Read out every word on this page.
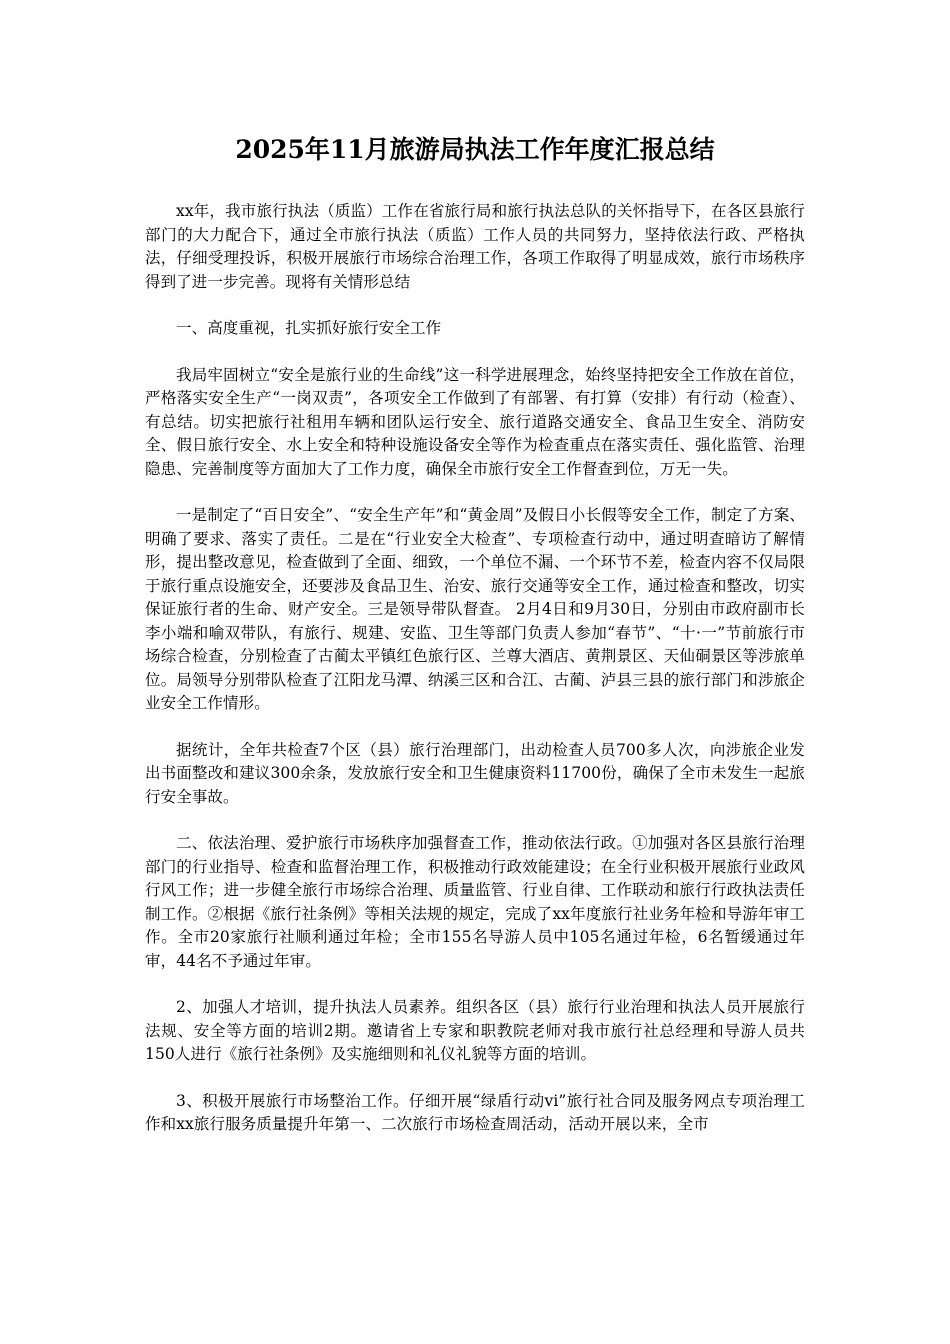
2025年11月旅游局执法工作年度汇报总结

xx年，我市旅行执法（质监）工作在省旅行局和旅行执法总队的关怀指导下，在各区县旅行部门的大力配合下，通过全市旅行执法（质监）工作人员的共同努力，坚持依法行政、严格执法，仔细受理投诉，积极开展旅行市场综合治理工作，各项工作取得了明显成效，旅行市场秩序得到了进一步完善。现将有关情形总结

一、高度重视，扎实抓好旅行安全工作

我局牢固树立“安全是旅行业的生命线”这一科学进展理念，始终坚持把安全工作放在首位，严格落实安全生产“一岗双责”，各项安全工作做到了有部署、有打算（安排）有行动（检查）、有总结。切实把旅行社租用车辆和团队运行安全、旅行道路交通安全、食品卫生安全、消防安全、假日旅行安全、水上安全和特种设施设备安全等作为检查重点在落实责任、强化监管、治理隐患、完善制度等方面加大了工作力度，确保全市旅行安全工作督查到位，万无一失。

一是制定了“百日安全”、“安全生产年”和“黄金周”及假日小长假等安全工作，制定了方案、明确了要求、落实了责任。二是在“行业安全大检查”、专项检查行动中，通过明查暗访了解情形，提出整改意见，检查做到了全面、细致，一个单位不漏、一个环节不差，检查内容不仅局限于旅行重点设施安全，还要涉及食品卫生、治安、旅行交通等安全工作，通过检查和整改，切实保证旅行者的生命、财产安全。三是领导带队督查。 2月4日和9月30日，分别由市政府副市长李小端和喻双带队，有旅行、规建、安监、卫生等部门负责人参加“春节”、“十·一”节前旅行市场综合检查，分别检查了古蔺太平镇红色旅行区、兰尊大酒店、黄荆景区、天仙硐景区等涉旅单位。局领导分别带队检查了江阳龙马潭、纳溪三区和合江、古蔺、泸县三县的旅行部门和涉旅企业安全工作情形。

据统计，全年共检查7个区（县）旅行治理部门，出动检查人员700多人次，向涉旅企业发出书面整改和建议300余条，发放旅行安全和卫生健康资料11700份，确保了全市未发生一起旅行安全事故。

二、依法治理、爱护旅行市场秩序加强督查工作，推动依法行政。①加强对各区县旅行治理部门的行业指导、检查和监督治理工作，积极推动行政效能建设；在全行业积极开展旅行业政风行风工作；进一步健全旅行市场综合治理、质量监管、行业自律、工作联动和旅行行政执法责任制工作。②根据《旅行社条例》等相关法规的规定，完成了xx年度旅行社业务年检和导游年审工作。全市20家旅行社顺利通过年检；全市155名导游人员中105名通过年检，6名暂缓通过年审，44名不予通过年审。

2、加强人才培训，提升执法人员素养。组织各区（县）旅行行业治理和执法人员开展旅行法规、安全等方面的培训2期。邀请省上专家和职教院老师对我市旅行社总经理和导游人员共150人进行《旅行社条例》及实施细则和礼仪礼貌等方面的培训。

3、积极开展旅行市场整治工作。仔细开展“绿盾行动vi”旅行社合同及服务网点专项治理工作和xx旅行服务质量提升年第一、二次旅行市场检查周活动，活动开展以来，全市
